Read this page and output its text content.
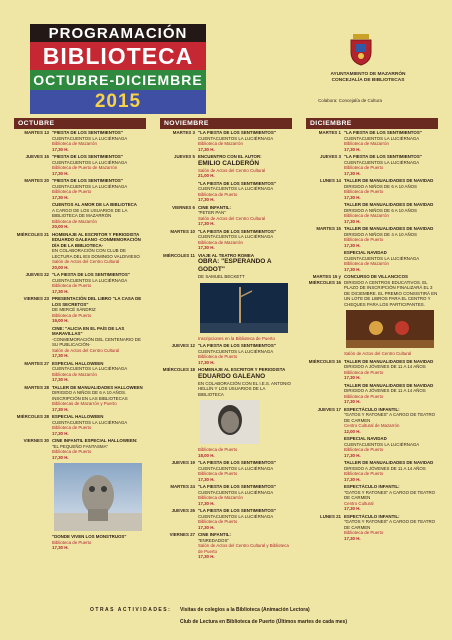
PROGRAMACIÓN
BIBLIOTECA
OCTUBRE-DICIEMBRE
2015
AYUNTAMIENTO DE MAZARRÓN
CONCEJALÍA DE BIBLIOTECAS
Colabora: Concejalía de Cultura
OCTUBRE
MARTES 13 "FIESTA DE LOS SENTIMIENTOS"
CUENTACUENTOS LA LUCIÉRNAGA
Biblioteca de Mazarrón
17,30 H.
JUEVES 15 "FIESTA DE LOS SENTIMIENTOS"
CUENTACUENTOS LA LUCIÉRNAGA
Biblioteca de Puerto de Mazarrón
17,30 H.
MARTES 20 "FIESTA DE LOS SENTIMIENTOS"
CUENTACUENTOS LA LUCIÉRNAGA
Biblioteca de Puerto
17,30 H.
CUENTOS AL AMOR DE LA BIBLIOTECA
A CARGO DE LOS USUARIOS DE LA BIBLIOTECA DE MAZARRÓN
Biblioteca de Mazarrón
20,00 H.
MIÉRCOLES 21 HOMENAJE AL ESCRITOR Y PERIODISTA EDUARDO GALEANO -CONMEMORACIÓN DÍA DE LA BIBLIOTECA-
EN COLABORACIÓN CON CLUB DE LECTURA DEL IES DOMINGO VALDIVIESO
Salón de Actos del Centro Cultural
20,00 H.
JUEVES 22 "LA FIESTA DE LOS SENTIMIENTOS"
CUENTACUENTOS LA LUCIÉRNAGA
Biblioteca de Puerto
17,30 H.
VIERNES 23 PRESENTACIÓN DEL LIBRO "LA CASA DE LOS SECRETOS"
DE MERCÉ SÁNDRIZ
Biblioteca de Puerto
19,00 H.
CINE: "ALICIA EN EL PAÍS DE LAS MARAVILLAS"
-CONMEMORACIÓN DEL CENTENARIO DE SU PUBLICACIÓN-
Salón de Actos del Centro Cultural
17,30 H.
MARTES 27 ESPECIAL HALLOWEEN
CUENTACUENTOS LA LUCIÉRNAGA
Biblioteca de Mazarrón
17,30 H.
MARTES 28 TALLER DE MANUALIDADES HALLOWEEN
DIRIGIDO A NIÑOS DE 6 A 10 AÑOS. INSCRIPCIÓN EN LAS BIBLIOTECAS
Bibliotecas de Mazarrón y Puerto
17,30 H.
MIÉRCOLES 28 ESPECIAL HALLOWEEN
CUENTACUENTOS LA LUCIÉRNAGA
Biblioteca de Puerto
17,30 H.
VIERNES 30 CINE INFANTIL ESPECIAL HALLOWEEN:
"EL PEQUEÑO FANTASMA"
Biblioteca de Puerto
17,30 H.
"DONDE VIVEN LOS MONSTRUOS"
Biblioteca de Puerto
17,30 H.
NOVIEMBRE
MARTES 3 "LA FIESTA DE LOS SENTIMIENTOS"
CUENTACUENTOS LA LUCIÉRNAGA
Biblioteca de Mazarrón
17,30 H.
JUEVES 5 ENCUENTRO CON EL AUTOR:
EMILIO CALDERÓN
Salón de Actos del Centro Cultural
21,00 H.
"LA FIESTA DE LOS SENTIMIENTOS"
CUENTACUENTOS LA LUCIÉRNAGA
Biblioteca de Puerto
17,30 H.
VIERNES 6 CINE INFANTIL:
"PETER PAN"
Salón de Actos del Centro Cultural
17,30 H.
MARTES 10 "LA FIESTA DE LOS SENTIMIENTOS"
CUENTACUENTOS LA LUCIÉRNAGA
Biblioteca de Mazarrón
17,30 H.
MIÉRCOLES 11 VIAJE AL TEATRO ROMEA
OBRA: "ESPERANDO A GODOT"
DE SAMUEL BECKETT
Inscripciones en la Biblioteca de Puerto
JUEVES 12 "LA FIESTA DE LOS SENTIMIENTOS"
CUENTACUENTOS LA LUCIÉRNAGA
Biblioteca de Puerto
17,30 H.
MIÉRCOLES 18 HOMENAJE AL ESCRITOR Y PERIODISTA
EDUARDO GALEANO
EN COLABORACIÓN CON EL I.E.S. ANTONIO HELLÍN Y LOS USUARIOS DE LA BIBLIOTECA
Biblioteca de Puerto
18,00 H.
JUEVES 19 "LA FIESTA DE LOS SENTIMIENTOS"
CUENTACUENTOS LA LUCIÉRNAGA
Biblioteca de Puerto
17,30 H.
MARTES 24 "LA FIESTA DE LOS SENTIMIENTOS"
CUENTACUENTOS LA LUCIÉRNAGA
Biblioteca de Mazarrón
17,30 H.
JUEVES 26 "LA FIESTA DE LOS SENTIMIENTOS"
CUENTACUENTOS LA LUCIÉRNAGA
Biblioteca de Puerto
17,30 H.
VIERNES 27 CINE INFANTIL:
"ENREDADOS"
Salón de Actos del Centro Cultural y Biblioteca de Puerto
17,30 H.
DICIEMBRE
MARTES 1 "LA FIESTA DE LOS SENTIMIENTOS"
CUENTACUENTOS LA LUCIÉRNAGA
Biblioteca de Mazarrón
17,30 H.
JUEVES 3 "LA FIESTA DE LOS SENTIMIENTOS"
CUENTACUENTOS LA LUCIÉRNAGA
Biblioteca de Puerto
17,30 H.
LUNES 14 TALLER DE MANUALIDADES DE NAVIDAD
DIRIGIDO A NIÑOS DE 6 A 10 AÑOS
Biblioteca de Puerto
17,30 H.
TALLER DE MANUALIDADES DE NAVIDAD
DIRIGIDO A NIÑOS DE 6 A 10 AÑOS
Biblioteca de Mazarrón
17,30 H.
MARTES 15 TALLER DE MANUALIDADES DE NAVIDAD
DIRIGIDO A NIÑOS DE 4 A 10 AÑOS
Biblioteca de Puerto
17,30 H.
ESPECIAL NAVIDAD
CUENTACUENTOS LA LUCIÉRNAGA
Biblioteca de Mazarrón
17,30 H.
MARTES 15 y MIÉRCOLES 16
CONCURSO DE VILLANCICOS
DIRIGIDO A CENTROS EDUCATIVOS. EL PLAZO DE INSCRIPCIÓN FINALIZARÁ EL 3 DE DICIEMBRE. EL PREMIO CONSISTIRÁ EN UN LOTE DE LIBROS PARA EL CENTRO Y CHEQUES PARA LOS PARTICIPANTES.
Salón de Actos del Centro Cultural
MIÉRCOLES 16 TALLER DE MANUALIDADES DE NAVIDAD
DIRIGIDO A JÓVENES DE 11 A 14 AÑOS
Biblioteca de Puerto
17,30 H.
TALLER DE MANUALIDADES DE NAVIDAD
DIRIGIDO A JÓVENES DE 11 A 14 AÑOS
Biblioteca de Puerto
17,30 H.
JUEVES 17 ESPECTÁCULO INFANTIL:
"GATOS Y RATONES" A CARGO DE TEATRO DE CARMEN
Centro Cultural de Mazarrón
12,00 H.
ESPECIAL NAVIDAD
CUENTACUENTOS LA LUCIÉRNAGA
Biblioteca de Puerto
17,30 H.
TALLER DE MANUALIDADES DE NAVIDAD
DIRIGIDO A JÓVENES DE 11 A 14 AÑOS
Biblioteca de Puerto
17,30 H.
ESPECTÁCULO INFANTIL:
"GATOS Y RATONES" A CARGO DE TEATRO DE CARMEN
Centro Cultural
17,30 H.
LUNES 21 ESPECTÁCULO INFANTIL:
"GATOS Y RATONES" A CARGO DE TEATRO DE CARMEN
Biblioteca de Puerto
17,30 H.
OTRAS ACTIVIDADES: Visitas de colegios a la Biblioteca (Animación Lectora)
Club de Lectura en Biblioteca de Puerto (Últimos martes de cada mes)
